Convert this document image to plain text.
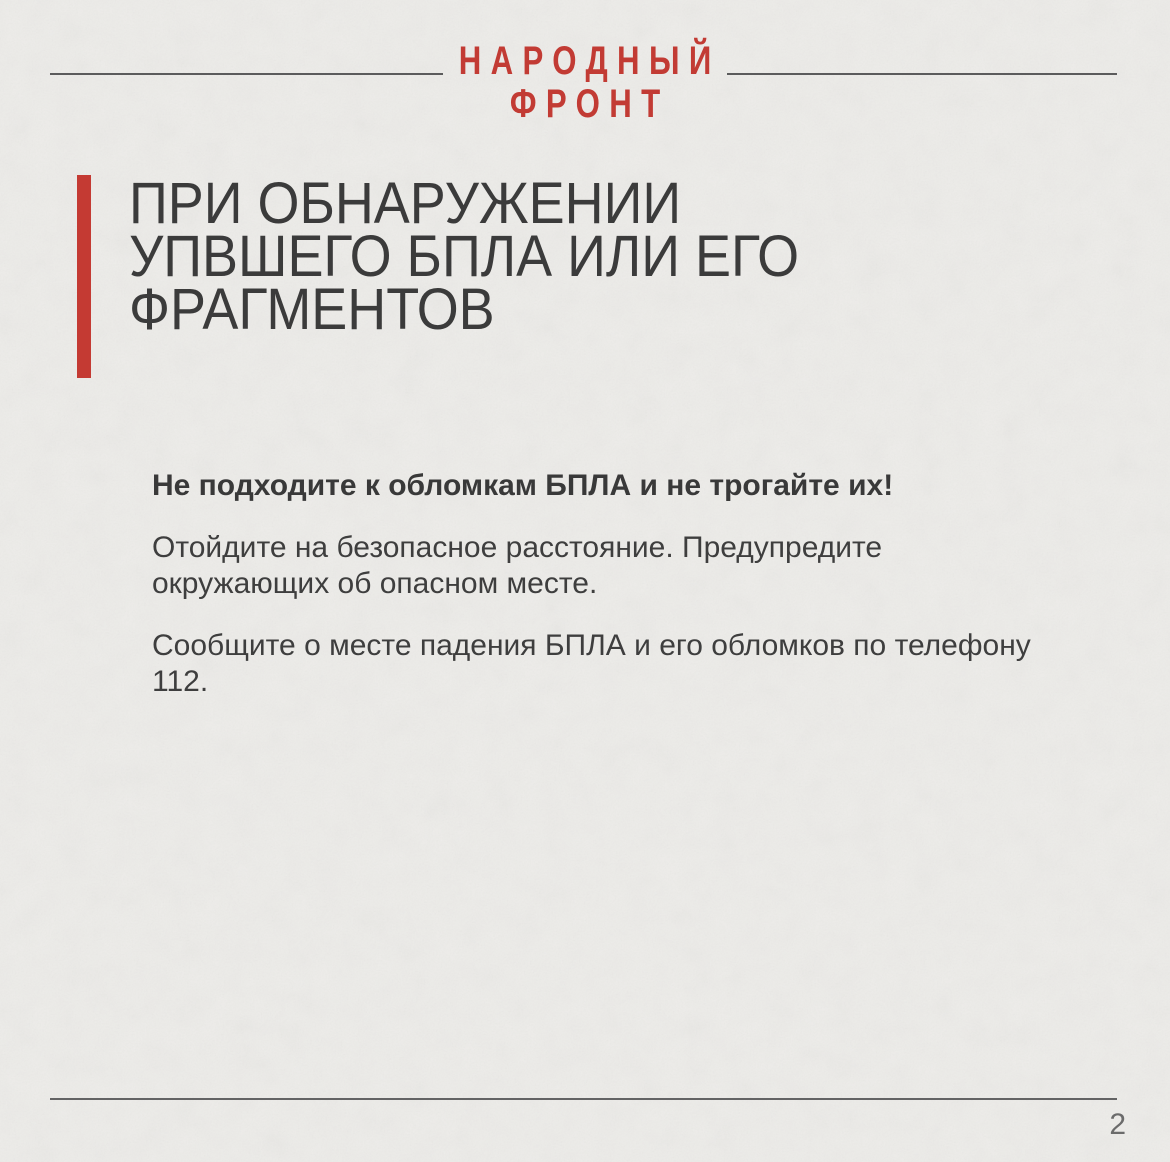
НАРОДНЫЙ
ФРОНТ
ПРИ ОБНАРУЖЕНИИ
УПВШЕГО БПЛА ИЛИ ЕГО
ФРАГМЕНТОВ

Не подходите к обломкам БПЛА и не трогайте их!

Отойдите на безопасное расстояние. Предупредите
окружающих об опасном месте.

Сообщите о месте падения БПЛА и его обломков по телефону
112.

2
